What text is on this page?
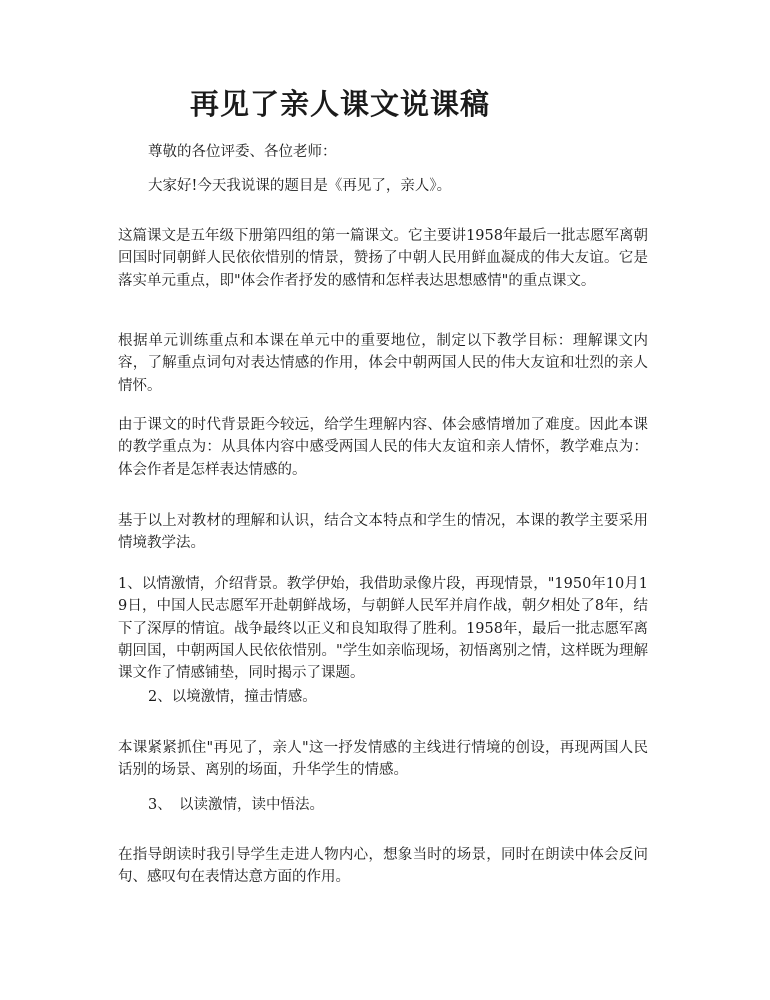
再见了亲人课文说课稿

尊敬的各位评委、各位老师：

大家好!今天我说课的题目是《再见了，亲人》。

这篇课文是五年级下册第四组的第一篇课文。它主要讲1958年最后一批志愿军离朝回国时同朝鲜人民依依惜别的情景，赞扬了中朝人民用鲜血凝成的伟大友谊。它是落实单元重点，即"体会作者抒发的感情和怎样表达思想感情"的重点课文。

根据单元训练重点和本课在单元中的重要地位，制定以下教学目标：理解课文内容，了解重点词句对表达情感的作用，体会中朝两国人民的伟大友谊和壮烈的亲人情怀。

由于课文的时代背景距今较远，给学生理解内容、体会感情增加了难度。因此本课的教学重点为：从具体内容中感受两国人民的伟大友谊和亲人情怀，教学难点为：体会作者是怎样表达情感的。

基于以上对教材的理解和认识，结合文本特点和学生的情况，本课的教学主要采用情境教学法。

1、以情激情，介绍背景。教学伊始，我借助录像片段，再现情景，"1950年10月19日，中国人民志愿军开赴朝鲜战场，与朝鲜人民军并肩作战，朝夕相处了8年，结下了深厚的情谊。战争最终以正义和良知取得了胜利。1958年，最后一批志愿军离朝回国，中朝两国人民依依惜别。"学生如亲临现场，初悟离别之情，这样既为理解课文作了情感铺垫，同时揭示了课题。

2、以境激情，撞击情感。

本课紧紧抓住"再见了，亲人"这一抒发情感的主线进行情境的创设，再现两国人民话别的场景、离别的场面，升华学生的情感。

3、　以读激情，读中悟法。

在指导朗读时我引导学生走进人物内心，想象当时的场景，同时在朗读中体会反问句、感叹句在表情达意方面的作用。
